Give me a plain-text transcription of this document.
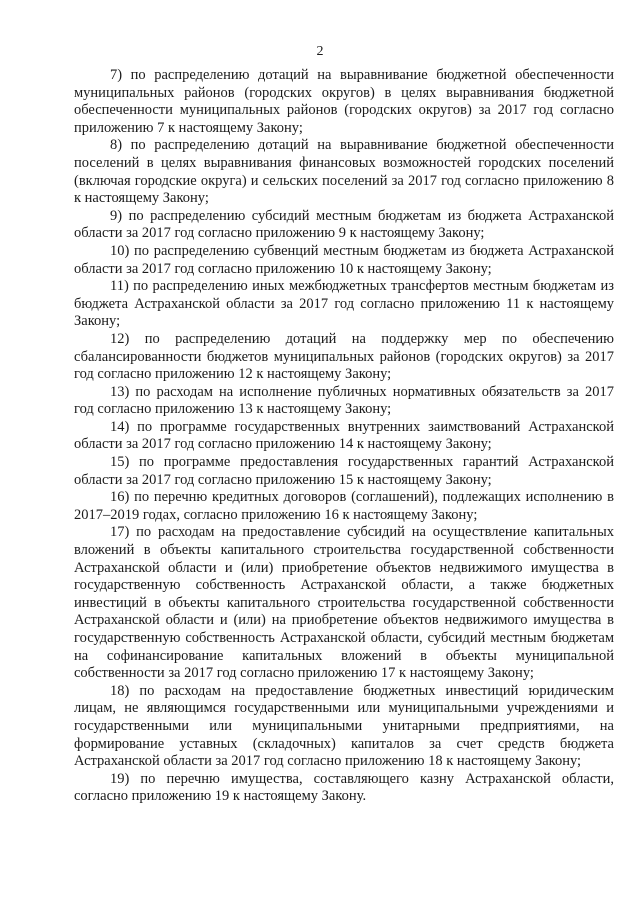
2

7) по распределению дотаций на выравнивание бюджетной обеспеченности муниципальных районов (городских округов) в целях выравнивания бюджетной обеспеченности муниципальных районов (городских округов) за 2017 год согласно приложению 7 к настоящему Закону;

8) по распределению дотаций на выравнивание бюджетной обеспеченности поселений в целях выравнивания финансовых возможностей городских поселений (включая городские округа) и сельских поселений за 2017 год согласно приложению 8 к настоящему Закону;

9) по распределению субсидий местным бюджетам из бюджета Астраханской области за 2017 год согласно приложению 9 к настоящему Закону;

10) по распределению субвенций местным бюджетам из бюджета Астраханской области за 2017 год согласно приложению 10 к настоящему Закону;

11) по распределению иных межбюджетных трансфертов местным бюджетам из бюджета Астраханской области за 2017 год согласно приложению 11 к настоящему Закону;

12) по распределению дотаций на поддержку мер по обеспечению сбалансированности бюджетов муниципальных районов (городских округов) за 2017 год согласно приложению 12 к настоящему Закону;

13) по расходам на исполнение публичных нормативных обязательств за 2017 год согласно приложению 13 к настоящему Закону;

14) по программе государственных внутренних заимствований Астраханской области за 2017 год согласно приложению 14 к настоящему Закону;

15) по программе предоставления государственных гарантий Астраханской области за 2017 год согласно приложению 15 к настоящему Закону;

16) по перечню кредитных договоров (соглашений), подлежащих исполнению в 2017–2019 годах, согласно приложению 16 к настоящему Закону;

17) по расходам на предоставление субсидий на осуществление капитальных вложений в объекты капитального строительства государственной собственности Астраханской области и (или) приобретение объектов недвижимого имущества в государственную собственность Астраханской области, а также бюджетных инвестиций в объекты капитального строительства государственной собственности Астраханской области и (или) на приобретение объектов недвижимого имущества в государственную собственность Астраханской области, субсидий местным бюджетам на софинансирование капитальных вложений в объекты муниципальной собственности за 2017 год согласно приложению 17 к настоящему Закону;

18) по расходам на предоставление бюджетных инвестиций юридическим лицам, не являющимся государственными или муниципальными учреждениями и государственными или муниципальными унитарными предприятиями, на формирование уставных (складочных) капиталов за счет средств бюджета Астраханской области за 2017 год согласно приложению 18 к настоящему Закону;

19) по перечню имущества, составляющего казну Астраханской области, согласно приложению 19 к настоящему Закону.
